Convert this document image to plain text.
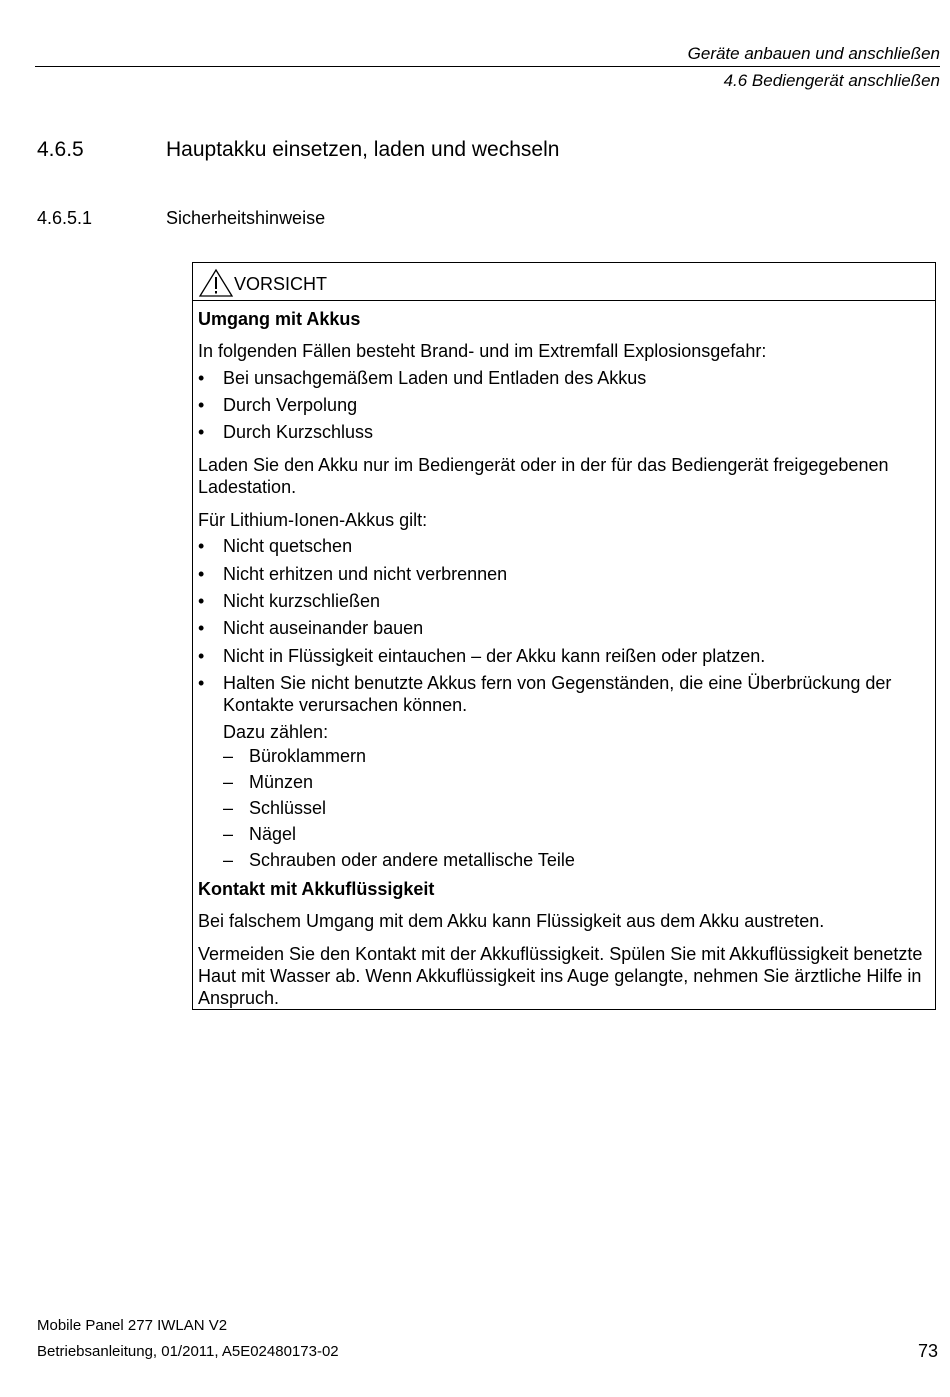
Geräte anbauen und anschließen
4.6 Bediengerät anschließen
4.6.5	Hauptakku einsetzen, laden und wechseln
4.6.5.1	Sicherheitshinweise
VORSICHT
Umgang mit Akkus
In folgenden Fällen besteht Brand- und im Extremfall Explosionsgefahr:
• Bei unsachgemäßem Laden und Entladen des Akkus
• Durch Verpolung
• Durch Kurzschluss
Laden Sie den Akku nur im Bediengerät oder in der für das Bediengerät freigegebenen Ladestation.
Für Lithium-Ionen-Akkus gilt:
• Nicht quetschen
• Nicht erhitzen und nicht verbrennen
• Nicht kurzschließen
• Nicht auseinander bauen
• Nicht in Flüssigkeit eintauchen – der Akku kann reißen oder platzen.
• Halten Sie nicht benutzte Akkus fern von Gegenständen, die eine Überbrückung der Kontakte verursachen können.
Dazu zählen:
– Büroklammern
– Münzen
– Schlüssel
– Nägel
– Schrauben oder andere metallische Teile
Kontakt mit Akkuflüssigkeit
Bei falschem Umgang mit dem Akku kann Flüssigkeit aus dem Akku austreten.
Vermeiden Sie den Kontakt mit der Akkuflüssigkeit. Spülen Sie mit Akkuflüssigkeit benetzte Haut mit Wasser ab. Wenn Akkuflüssigkeit ins Auge gelangte, nehmen Sie ärztliche Hilfe in Anspruch.
Mobile Panel 277 IWLAN V2
Betriebsanleitung, 01/2011, A5E02480173-02	73
